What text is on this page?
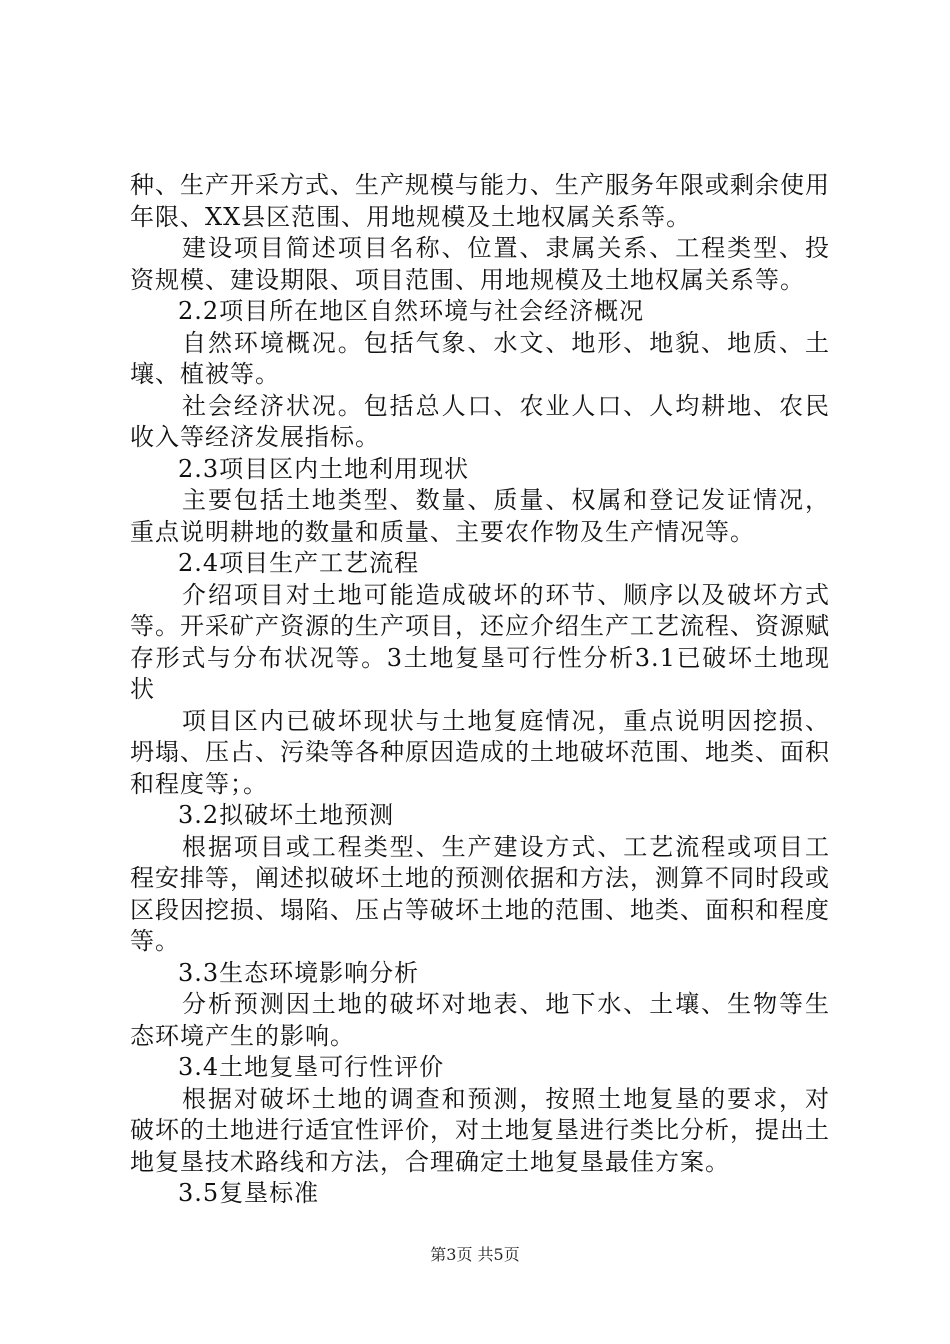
种、生产开采方式、生产规模与能力、生产服务年限或剩余使用年限、XX县区范围、用地规模及土地权属关系等。

建设项目简述项目名称、位置、隶属关系、工程类型、投资规模、建设期限、项目范围、用地规模及土地权属关系等。

2.2项目所在地区自然环境与社会经济概况

自然环境概况。包括气象、水文、地形、地貌、地质、土壤、植被等。

社会经济状况。包括总人口、农业人口、人均耕地、农民收入等经济发展指标。

2.3项目区内土地利用现状

主要包括土地类型、数量、质量、权属和登记发证情况，重点说明耕地的数量和质量、主要农作物及生产情况等。

2.4项目生产工艺流程

介绍项目对土地可能造成破坏的环节、顺序以及破坏方式等。开采矿产资源的生产项目，还应介绍生产工艺流程、资源赋存形式与分布状况等。3土地复垦可行性分析3.1已破坏土地现状

项目区内已破坏现状与土地复庭情况，重点说明因挖损、坍塌、压占、污染等各种原因造成的土地破坏范围、地类、面积和程度等；。

3.2拟破坏土地预测

根据项目或工程类型、生产建设方式、工艺流程或项目工程安排等，阐述拟破坏土地的预测依据和方法，测算不同时段或区段因挖损、塌陷、压占等破坏土地的范围、地类、面积和程度等。

3.3生态环境影响分析

分析预测因土地的破坏对地表、地下水、土壤、生物等生态环境产生的影响。

3.4土地复垦可行性评价

根据对破坏土地的调查和预测，按照土地复垦的要求，对破坏的土地进行适宜性评价，对土地复垦进行类比分析，提出土地复垦技术路线和方法，合理确定土地复垦最佳方案。

3.5复垦标准

第3页 共5页
